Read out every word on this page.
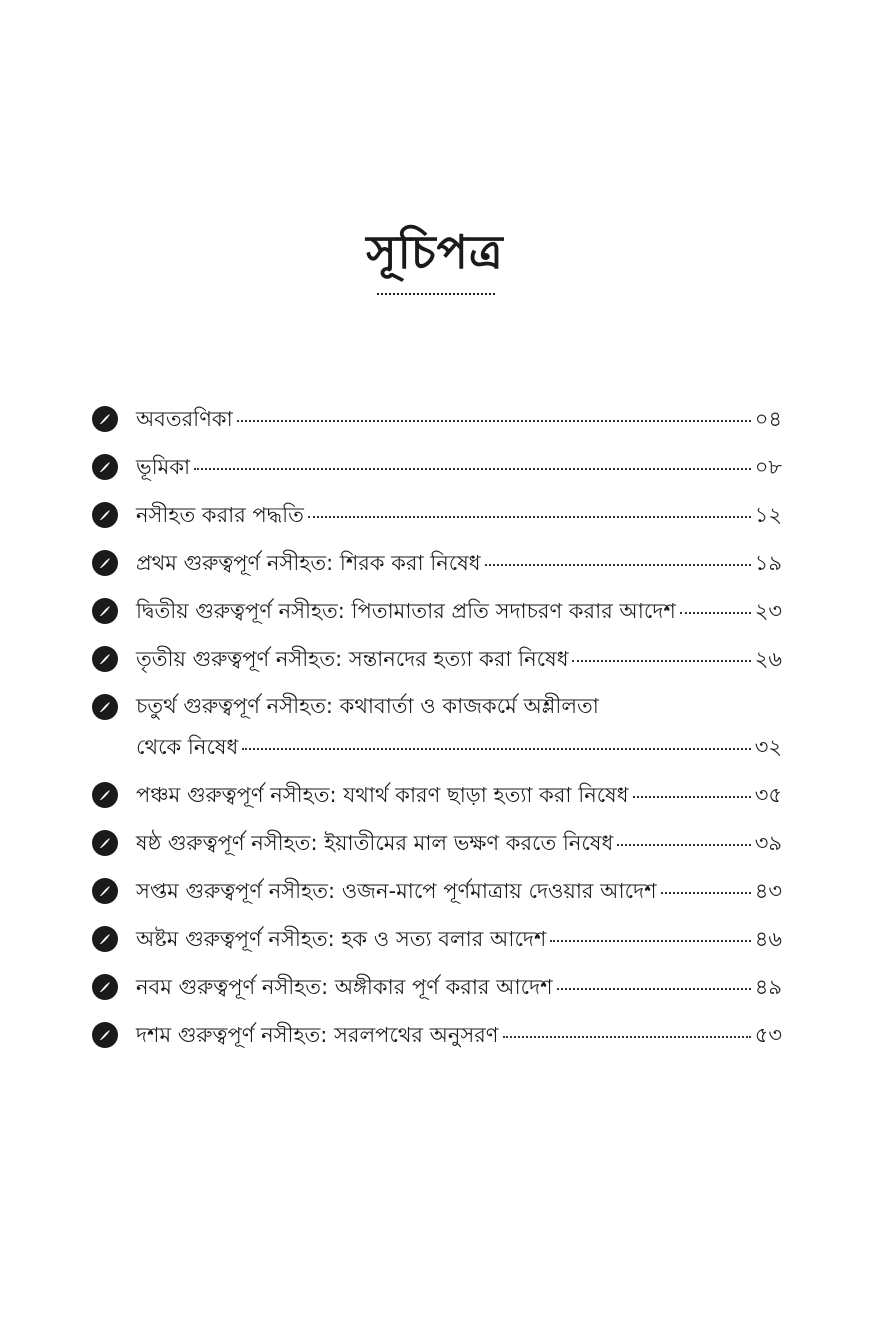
সূচিপত্র
অবতরণিকা	০৪
ভূমিকা	০৮
নসীহত করার পদ্ধতি	১২
প্রথম গুরুত্বপূর্ণ নসীহত: শিরক করা নিষেধ	১৯
দ্বিতীয় গুরুত্বপূর্ণ নসীহত: পিতামাতার প্রতি সদাচরণ করার আদেশ	২৩
তৃতীয় গুরুত্বপূর্ণ নসীহত: সন্তানদের হত্যা করা নিষেধ	২৬
চতুর্থ গুরুত্বপূর্ণ নসীহত: কথাবার্তা ও কাজকর্মে অশ্লীলতা
থেকে নিষেধ	৩২
পঞ্চম গুরুত্বপূর্ণ নসীহত: যথার্থ কারণ ছাড়া হত্যা করা নিষেধ	৩৫
ষষ্ঠ গুরুত্বপূর্ণ নসীহত: ইয়াতীমের মাল ভক্ষণ করতে নিষেধ	৩৯
সপ্তম গুরুত্বপূর্ণ নসীহত: ওজন-মাপে পূর্ণমাত্রায় দেওয়ার আদেশ	৪৩
অষ্টম গুরুত্বপূর্ণ নসীহত: হক ও সত্য বলার আদেশ	৪৬
নবম গুরুত্বপূর্ণ নসীহত: অঙ্গীকার পূর্ণ করার আদেশ	৪৯
দশম গুরুত্বপূর্ণ নসীহত: সরলপথের অনুসরণ	৫৩
